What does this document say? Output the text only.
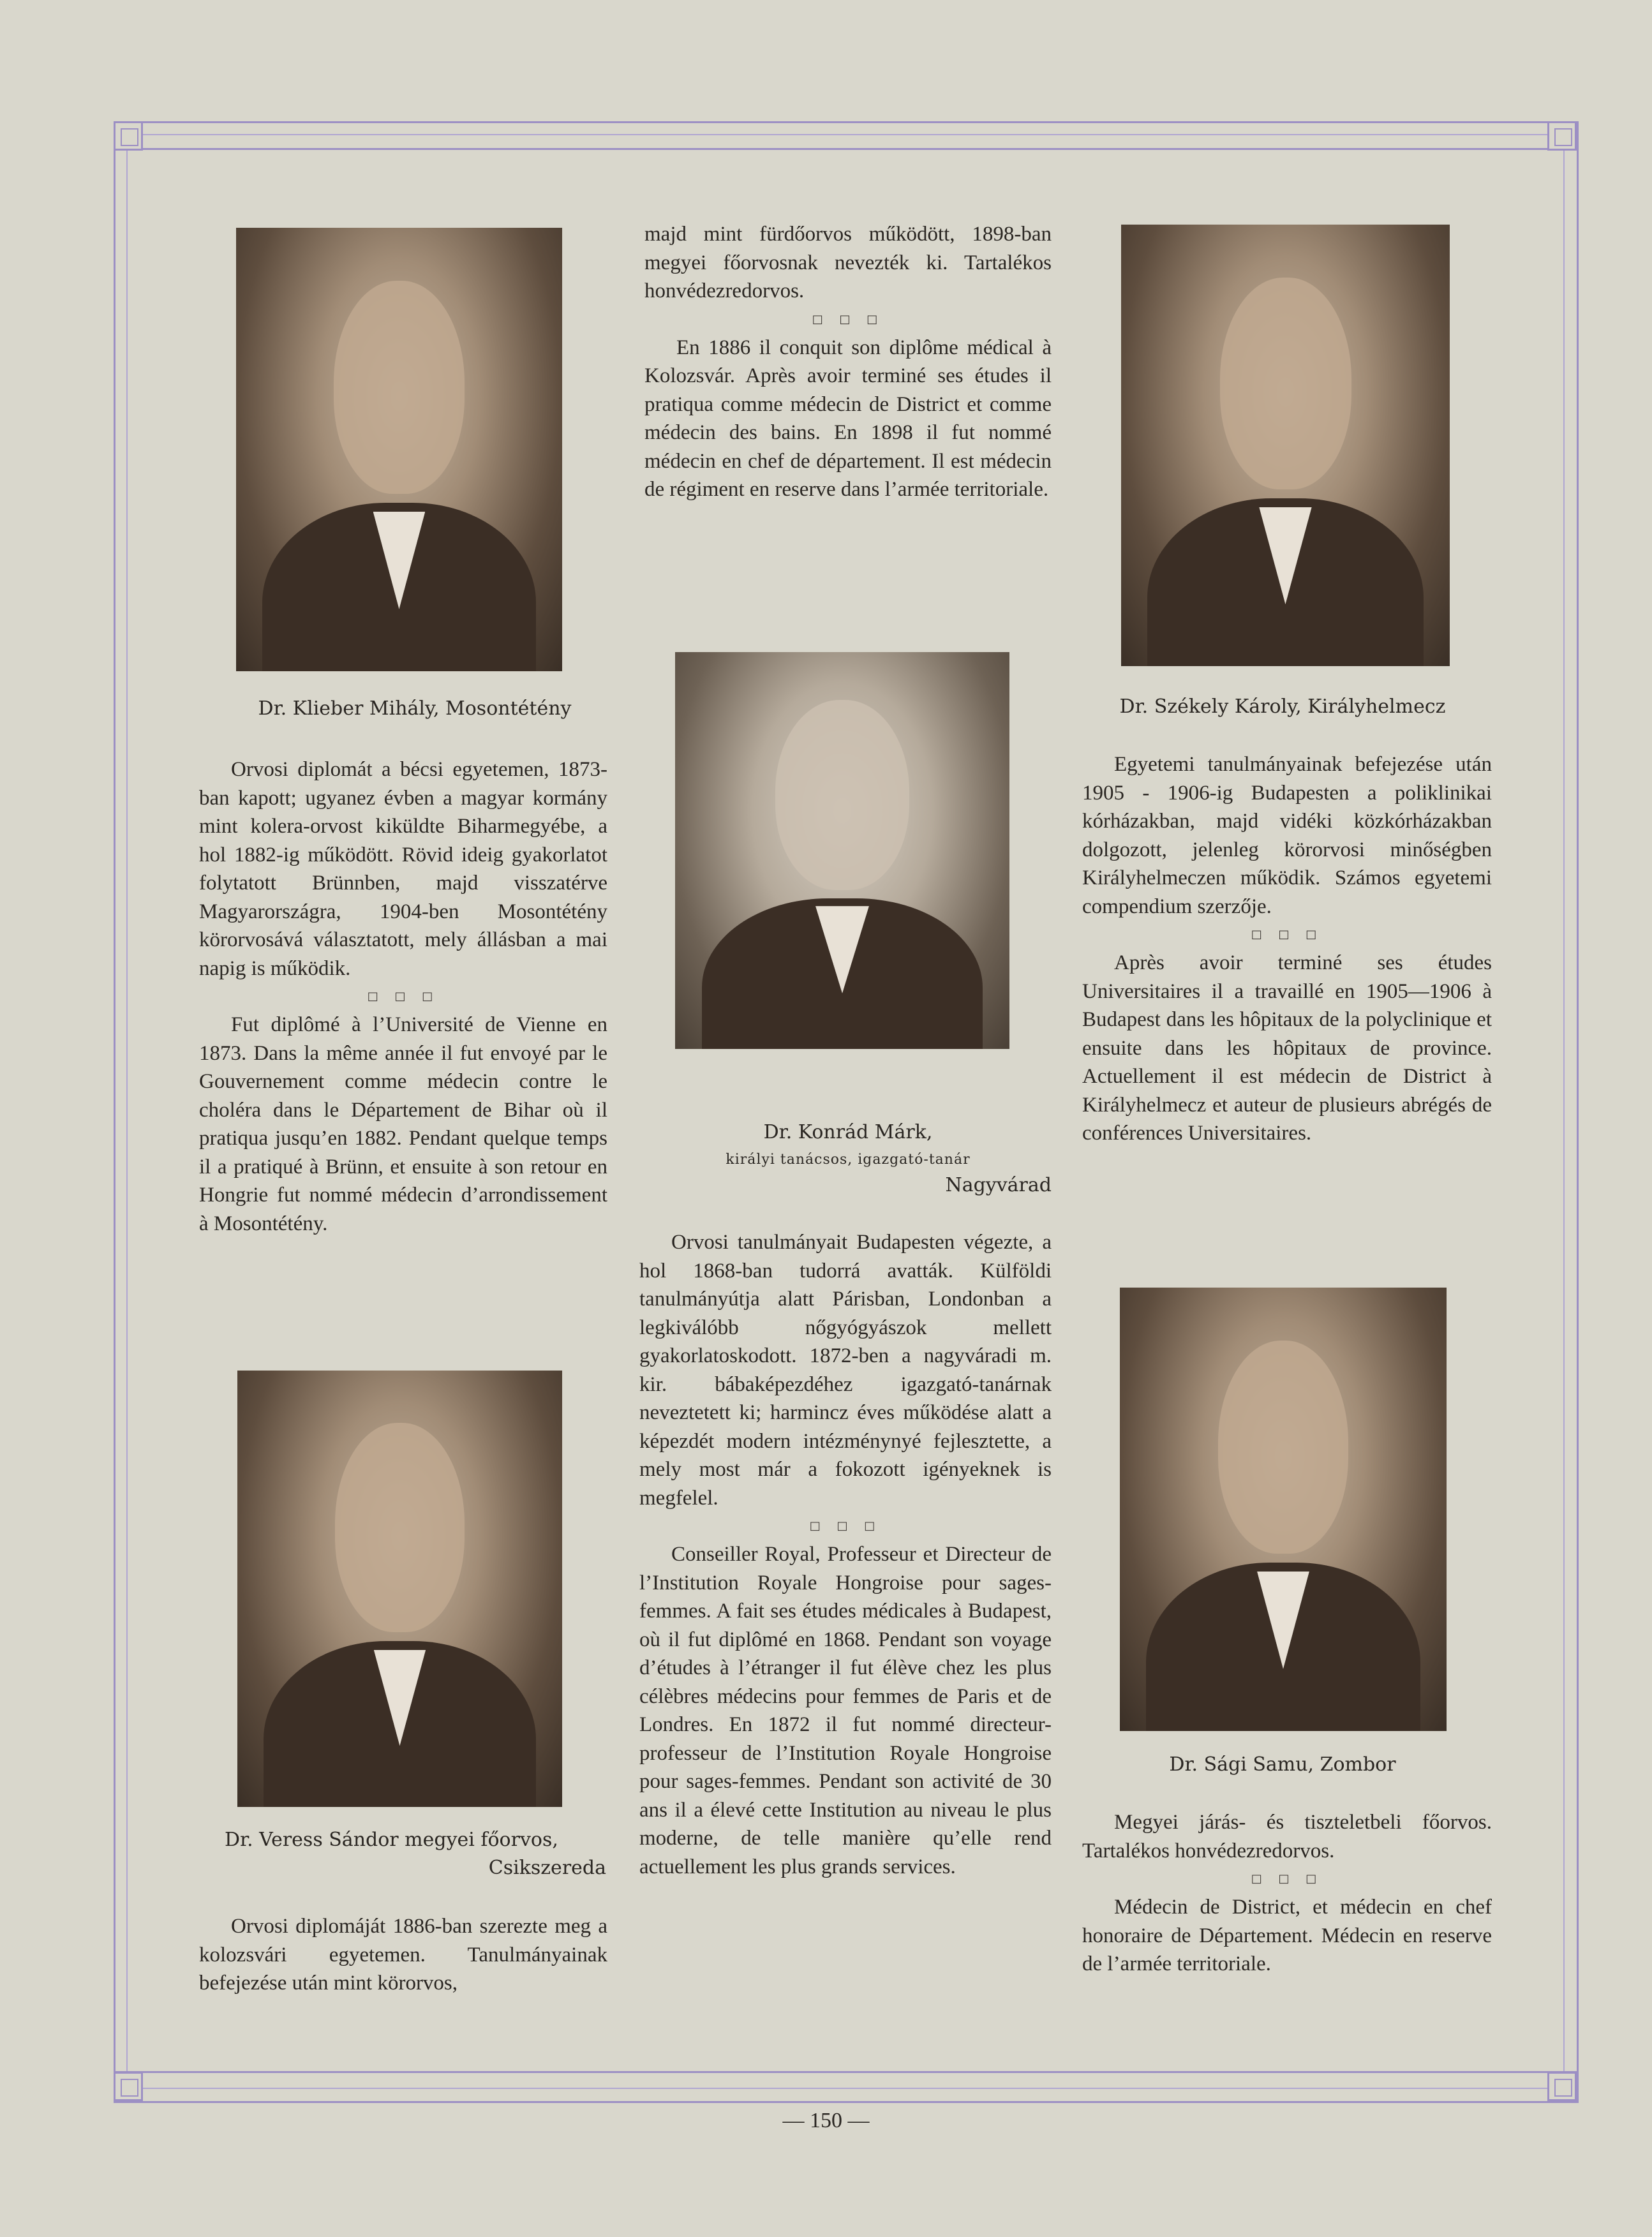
Dr. Klieber Mihály, Mosontétény

Orvosi diplomát a bécsi egyetemen, 1873-ban kapott; ugyanez évben a magyar kormány mint kolera-orvost kiküldte Biharmegyébe, a hol 1882-ig működött. Rövid ideig gyakorlatot folytatott Brünnben, majd visszatérve Magyarországra, 1904-ben Mosontétény körorvosává választatott, mely állásban a mai napig is működik.

□ □ □

Fut diplômé à l’Université de Vienne en 1873. Dans la même année il fut envoyé par le Gouvernement comme médecin contre le choléra dans le Département de Bihar où il pratiqua jusqu’en 1882. Pendant quelque temps il a pratiqué à Brünn, et ensuite à son retour en Hongrie fut nommé médecin d’arrondissement à Mosontétény.

Dr. Veress Sándor megyei főorvos,
Csikszereda

Orvosi diplomáját 1886-ban szerezte meg a kolozsvári egyetemen. Tanulmányainak befejezése után mint körorvos,

majd mint fürdőorvos működött, 1898-ban megyei főorvosnak nevezték ki. Tartalékos honvédezredorvos.

□ □ □

En 1886 il conquit son diplôme médical à Kolozsvár. Après avoir terminé ses études il pratiqua comme médecin de District et comme médecin des bains. En 1898 il fut nommé médecin en chef de département. Il est médecin de régiment en reserve dans l’armée territoriale.

Dr. Konrád Márk,
királyi tanácsos, igazgató-tanár
Nagyvárad

Orvosi tanulmányait Budapesten végezte, a hol 1868-ban tudorrá avatták. Külföldi tanulmányútja alatt Párisban, Londonban a legkiválóbb nőgyógyászok mellett gyakorlatoskodott. 1872-ben a nagyváradi m. kir. bábaképezdéhez igazgató-tanárnak neveztetett ki; harmincz éves működése alatt a képezdét modern intézménynyé fejlesztette, a mely most már a fokozott igényeknek is megfelel.

□ □ □

Conseiller Royal, Professeur et Directeur de l’Institution Royale Hongroise pour sages-femmes. A fait ses études médicales à Budapest, où il fut diplômé en 1868. Pendant son voyage d’études à l’étranger il fut élève chez les plus célèbres médecins pour femmes de Paris et de Londres. En 1872 il fut nommé directeur-professeur de l’Institution Royale Hongroise pour sages-femmes. Pendant son activité de 30 ans il a élevé cette Institution au niveau le plus moderne, de telle manière qu’elle rend actuellement les plus grands services.

Dr. Székely Károly, Királyhelmecz

Egyetemi tanulmányainak befejezése után 1905 - 1906-ig Budapesten a poliklinikai kórházakban, majd vidéki közkórházakban dolgozott, jelenleg körorvosi minőségben Királyhelmeczen működik. Számos egyetemi compendium szerzője.

□ □ □

Après avoir terminé ses études Universitaires il a travaillé en 1905—1906 à Budapest dans les hôpitaux de la polyclinique et ensuite dans les hôpitaux de province. Actuellement il est médecin de District à Királyhelmecz et auteur de plusieurs abrégés de conférences Universitaires.

Dr. Sági Samu, Zombor

Megyei járás- és tiszteletbeli főorvos. Tartalékos honvédezredorvos.

□ □ □

Médecin de District, et médecin en chef honoraire de Département. Médecin en reserve de l’armée territoriale.

— 150 —
